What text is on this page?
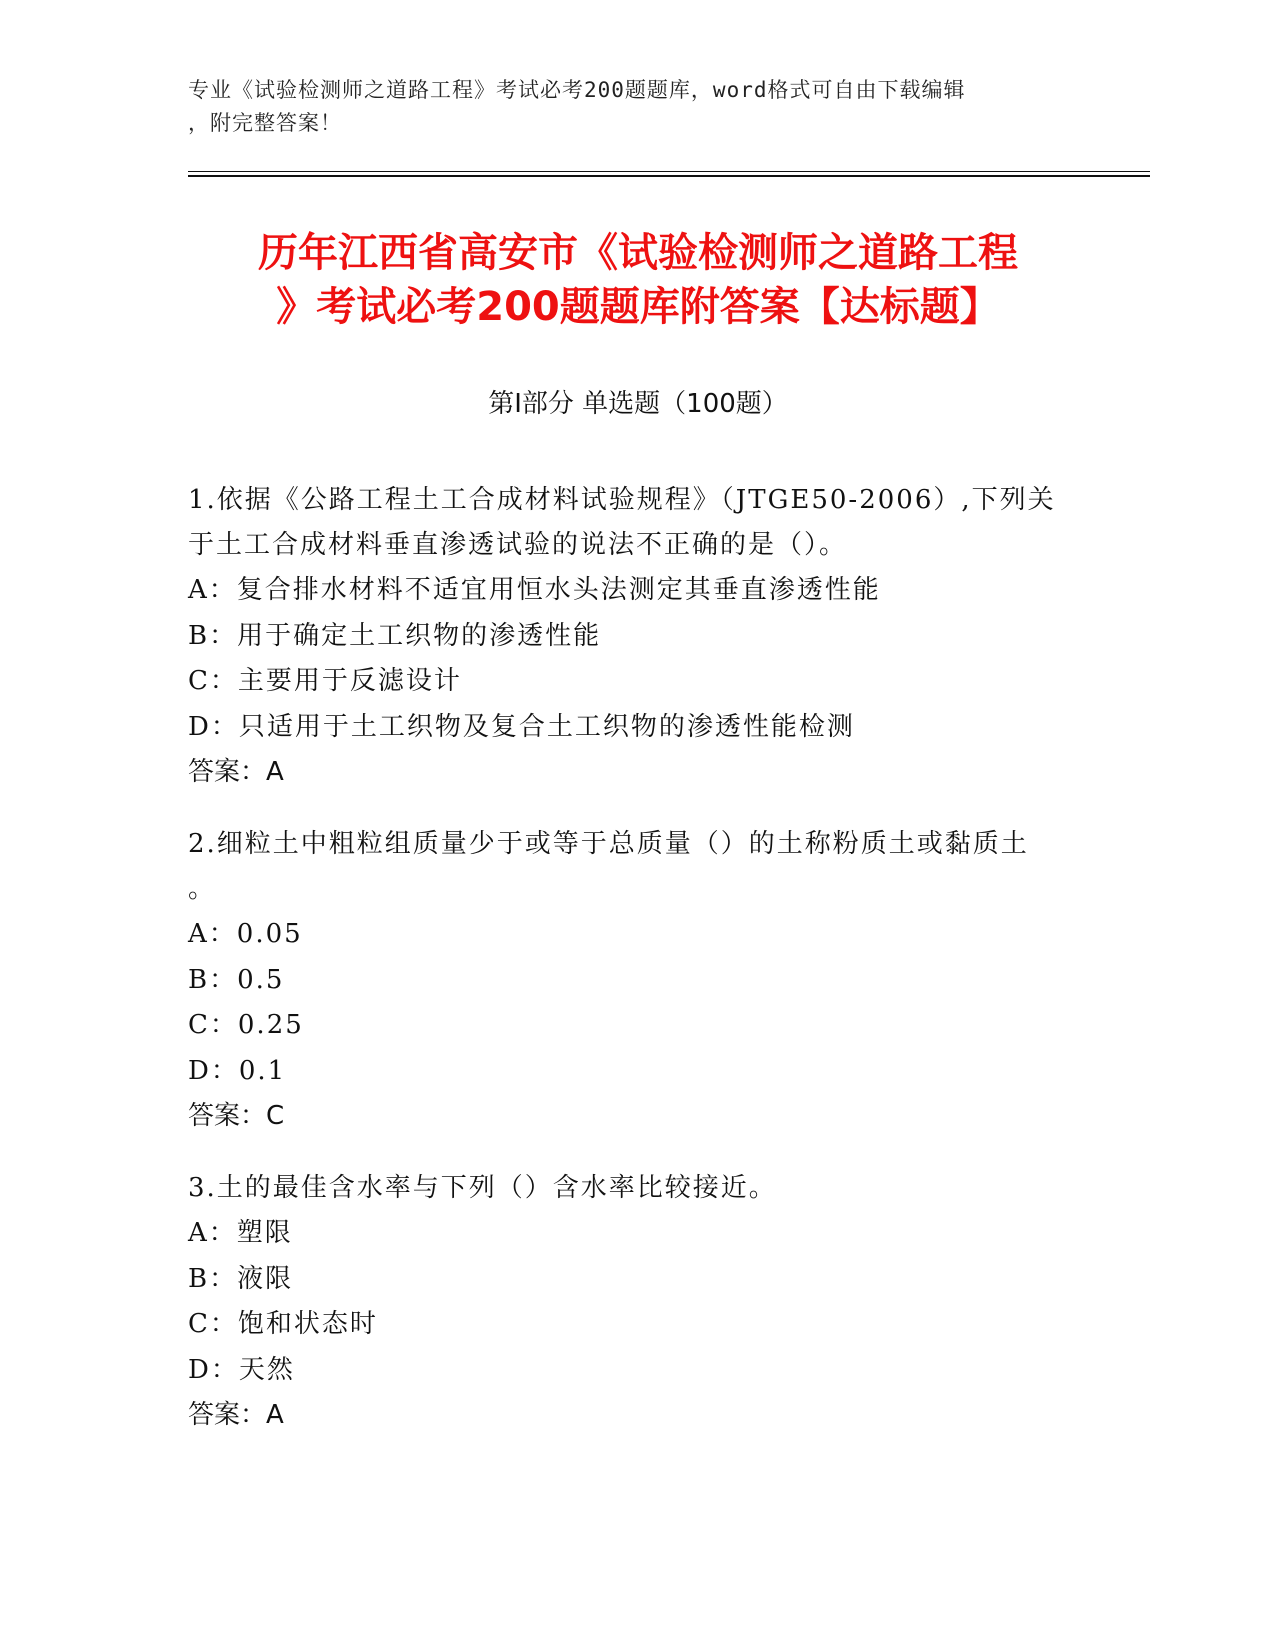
专业《试验检测师之道路工程》考试必考200题题库，word格式可自由下载编辑
，附完整答案！
历年江西省高安市《试验检测师之道路工程
》考试必考200题题库附答案【达标题】
第Ⅰ部分 单选题（100题）
1.依据《公路工程土工合成材料试验规程》（JTGE50-2006）,下列关
于土工合成材料垂直渗透试验的说法不正确的是（）。
A：复合排水材料不适宜用恒水头法测定其垂直渗透性能
B：用于确定土工织物的渗透性能
C：主要用于反滤设计
D：只适用于土工织物及复合土工织物的渗透性能检测
答案：A
2.细粒土中粗粒组质量少于或等于总质量（）的土称粉质土或黏质土
。
A：0.05
B：0.5
C：0.25
D：0.1
答案：C
3.土的最佳含水率与下列（）含水率比较接近。
A：塑限
B：液限
C：饱和状态时
D：天然
答案：A
